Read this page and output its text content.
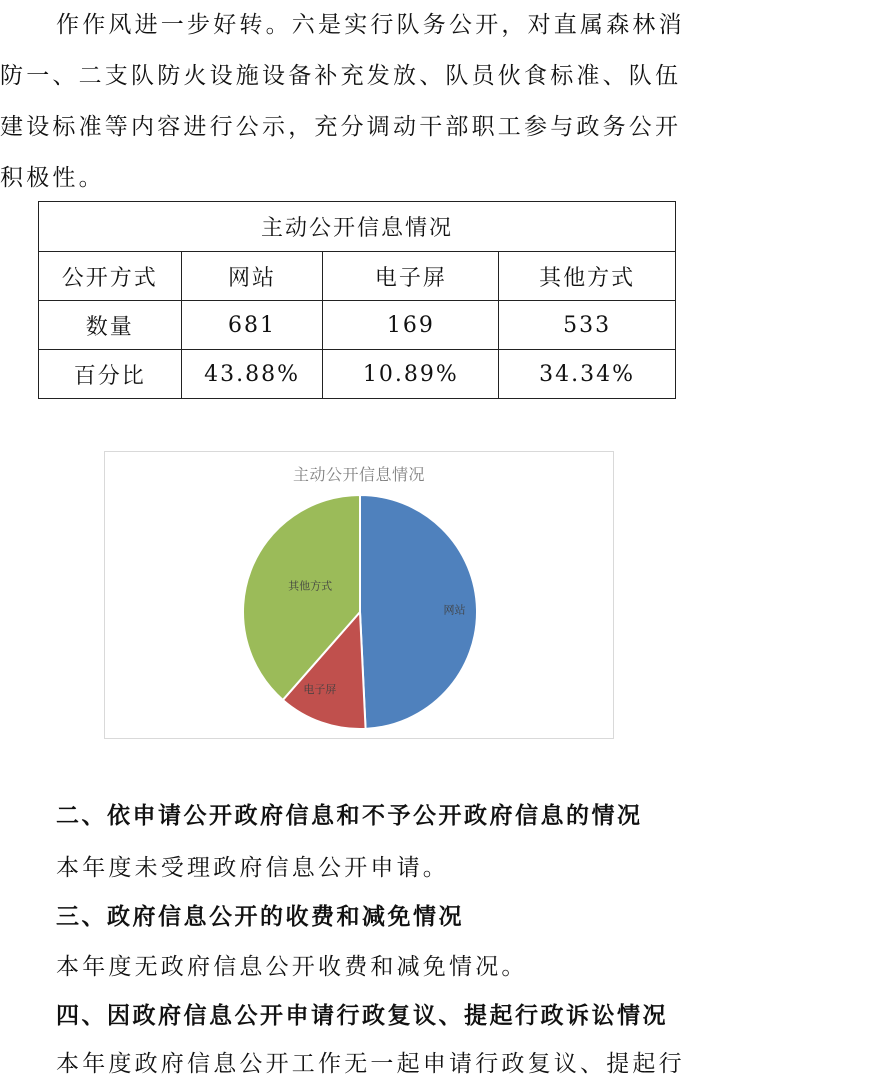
作作风进一步好转。六是实行队务公开，对直属森林消
防一、二支队防火设施设备补充发放、队员伙食标准、队伍
建设标准等内容进行公示，充分调动干部职工参与政务公开
积极性。
主动公开信息情况			
公开方式	网站	电子屏	其他方式
数量	681	169	533
百分比	43.88%	10.89%	34.34%
主动公开信息情况
网站
电子屏
其他方式
二、依申请公开政府信息和不予公开政府信息的情况
本年度未受理政府信息公开申请。
三、政府信息公开的收费和减免情况
本年度无政府信息公开收费和减免情况。
四、因政府信息公开申请行政复议、提起行政诉讼情况
本年度政府信息公开工作无一起申请行政复议、提起行
